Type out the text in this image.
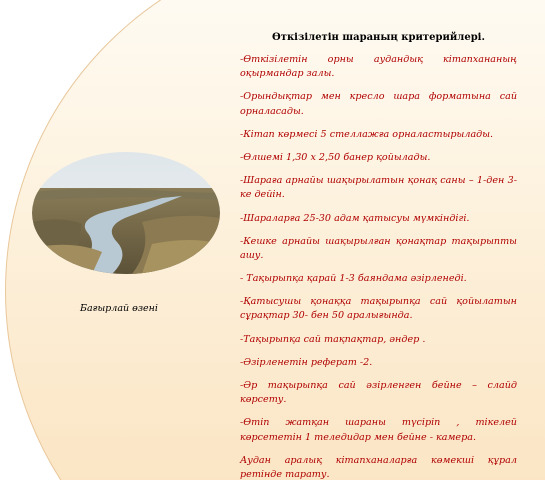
Бағырлай өзені
Өткізілетін шараның критерийлері.

-Өткізілетін орны аудандық кітапхананың оқырмандар залы.

-Орындықтар мен кресло шара форматына сай орналасады.

-Кітап көрмесі 5 стеллажға орналастырылады.

-Өлшемі 1,30 х 2,50 банер қойылады.

-Шараға арнайы шақырылатын қонақ саны – 1-ден 3-ке дейін.

-Шараларға 25-30 адам қатысуы мүмкіндігі.

-Кешке арнайы шақырылған қонақтар тақырыпты ашу.

- Тақырыпқа қарай 1-3 баяндама әзірленеді.

-Қатысушы қонаққа тақырыпқа сай қойылатын сұрақтар 30- бен 50 аралығында.

-Тақырыпқа сай тақпақтар, әндер .

-Әзірленетін реферат -2.

-Әр тақырыпқа сай әзірленген бейне – слайд көрсету.

-Өтіп жатқан шараны түсіріп , тікелей көрсететін 1 теледидар мен бейне - камера.

Аудан аралық кітапханаларға көмекші құрал ретінде тарату.
